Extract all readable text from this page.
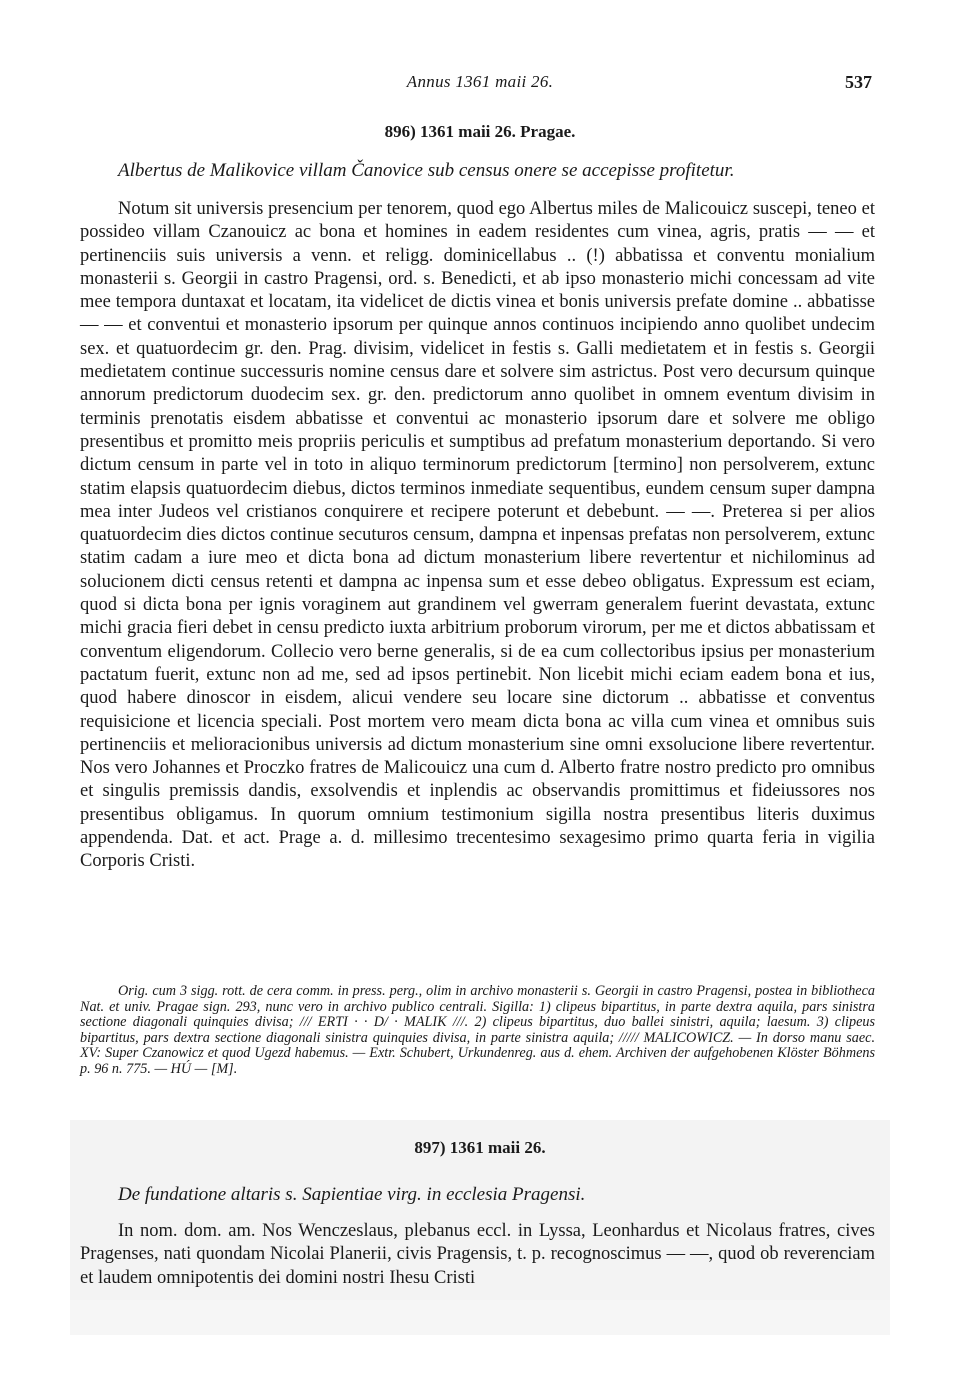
Annus 1361 maii 26.	537
896) 1361 maii 26. Pragae.
Albertus de Malikovice villam Čanovice sub census onere se accepisse profitetur.

Notum sit universis presencium per tenorem, quod ego Albertus miles de Malicouicz suscepi, teneo et possideo villam Czanouicz ac bona et homines in eadem residentes cum vinea, agris, pratis — — et pertinenciis suis universis a venn. et religg. dominicellabus .. (!) abbatissa et conventu monialium monasterii s. Georgii in castro Pragensi, ord. s. Benedicti, et ab ipso monasterio michi concessam ad vite mee tempora duntaxat et locatam, ita videlicet de dictis vinea et bonis universis prefate domine .. abbatisse — — et conventui et monasterio ipsorum per quinque annos continuos incipiendo anno quolibet undecim sex. et quatuordecim gr. den. Prag. divisim, videlicet in festis s. Galli medietatem et in festis s. Georgii medietatem continue successuris nomine census dare et solvere sim astrictus. Post vero decursum quinque annorum predictorum duodecim sex. gr. den. predictorum anno quolibet in omnem eventum divisim in terminis prenotatis eisdem abbatisse et conventui ac monasterio ipsorum dare et solvere me obligo presentibus et promitto meis propriis periculis et sumptibus ad prefatum monasterium deportando. Si vero dictum censum in parte vel in toto in aliquo terminorum predictorum [termino] non persolverem, extunc statim elapsis quatuordecim diebus, dictos terminos inmediate sequentibus, eundem censum super dampna mea inter Judeos vel cristianos conquirere et recipere poterunt et debebunt. — —. Preterea si per alios quatuordecim dies dictos continue secuturos censum, dampna et inpensas prefatas non persolverem, extunc statim cadam a iure meo et dicta bona ad dictum monasterium libere revertentur et nichilominus ad solucionem dicti census retenti et dampna ac inpensa sum et esse debeo obligatus. Expressum est eciam, quod si dicta bona per ignis voraginem aut grandinem vel gwerram generalem fuerint devastata, extunc michi gracia fieri debet in censu predicto iuxta arbitrium proborum virorum, per me et dictos abbatissam et conventum eligendorum. Collecio vero berne generalis, si de ea cum collectoribus ipsius per monasterium pactatum fuerit, extunc non ad me, sed ad ipsos pertinebit. Non licebit michi eciam eadem bona et ius, quod habere dinoscor in eisdem, alicui vendere seu locare sine dictorum .. abbatisse et conventus requisicione et licencia speciali. Post mortem vero meam dicta bona ac villa cum vinea et omnibus suis pertinenciis et melioracionibus universis ad dictum monasterium sine omni exsolucione libere revertentur. Nos vero Johannes et Proczko fratres de Malicouicz una cum d. Alberto fratre nostro predicto pro omnibus et singulis premissis dandis, exsolvendis et inplendis ac observandis promittimus et fideiussores nos presentibus obligamus. In quorum omnium testimonium sigilla nostra presentibus literis duximus appendenda. Dat. et act. Prage a. d. millesimo trecentesimo sexagesimo primo quarta feria in vigilia Corporis Cristi.

Orig. cum 3 sigg. rott. de cera comm. in press. perg., olim in archivo monasterii s. Georgii in castro Pragensi, postea in bibliotheca Nat. et univ. Pragae sign. 293, nunc vero in archivo publico centrali. Sigilla: 1) clipeus bipartitus, in parte dextra aquila, pars sinistra sectione diagonali quinquies divisa; /// ERTI · · D/ · MALIK ///. 2) clipeus bipartitus, duo ballei sinistri, aquila; laesum. 3) clipeus bipartitus, pars dextra sectione diagonali sinistra quinquies divisa, in parte sinistra aquila; ///// MALICOWICZ. — In dorso manu saec. XV: Super Czanowicz et quod Ugezd habemus. — Extr. Schubert, Urkundenreg. aus d. ehem. Archiven der aufgehobenen Klöster Böhmens p. 96 n. 775. — HÚ — [M].

897) 1361 maii 26.
De fundatione altaris s. Sapientiae virg. in ecclesia Pragensi.

In nom. dom. am. Nos Wenczeslaus, plebanus eccl. in Lyssa, Leonhardus et Nicolaus fratres, cives Pragenses, nati quondam Nicolai Planerii, civis Pragensis, t. p. recognoscimus — —, quod ob reverenciam et laudem omnipotentis dei domini nostri Ihesu Cristi
